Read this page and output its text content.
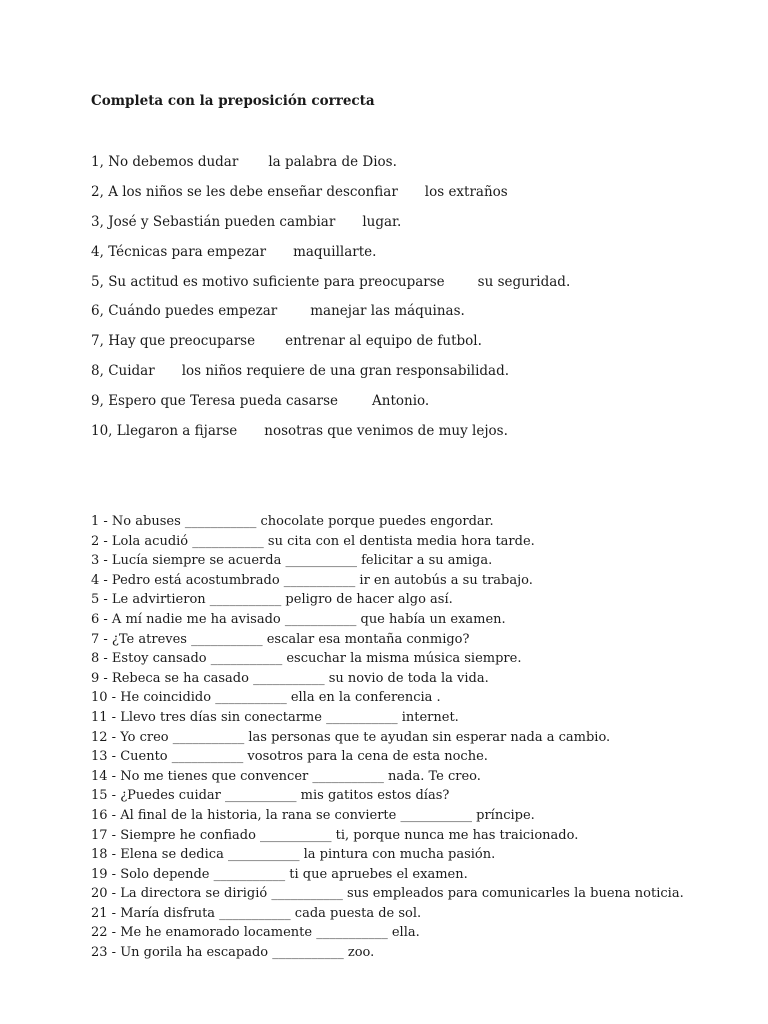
Completa con la preposición correcta
1, No debemos dudar la palabra de Dios.
2, A los niños se les debe enseñar desconfiar los extraños
3, José y Sebastián pueden cambiar lugar.
4, Técnicas para empezar maquillarte.
5, Su actitud es motivo suficiente para preocuparse su seguridad.
6, Cuándo puedes empezar manejar las máquinas.
7, Hay que preocuparse entrenar al equipo de futbol.
8, Cuidar los niños requiere de una gran responsabilidad.
9, Espero que Teresa pueda casarse	Antonio.
10, Llegaron a fijarse nosotras que venimos de muy lejos.
1 - No abuses ___________ chocolate porque puedes engordar.
2 - Lola acudió ___________ su cita con el dentista media hora tarde.
3 - Lucía siempre se acuerda ___________ felicitar a su amiga.
4 - Pedro está acostumbrado ___________ ir en autobús a su trabajo.
5 - Le advirtieron ___________ peligro de hacer algo así.
6 - A mí nadie me ha avisado ___________ que había un examen.
7 - ¿Te atreves ___________ escalar esa montaña conmigo?
8 - Estoy cansado ___________ escuchar la misma música siempre.
9 - Rebeca se ha casado ___________ su novio de toda la vida.
10 - He coincidido ___________ ella en la conferencia .
11 - Llevo tres días sin conectarme ___________ internet.
12 - Yo creo ___________ las personas que te ayudan sin esperar nada a cambio.
13 - Cuento ___________ vosotros para la cena de esta noche.
14 - No me tienes que convencer ___________ nada. Te creo.
15 - ¿Puedes cuidar ___________ mis gatitos estos días?
16 - Al final de la historia, la rana se convierte ___________ príncipe.
17 - Siempre he confiado ___________ ti, porque nunca me has traicionado.
18 - Elena se dedica ___________ la pintura con mucha pasión.
19 - Solo depende ___________ ti que apruebes el examen.
20 - La directora se dirigió ___________ sus empleados para comunicarles la buena noticia.
21 - María disfruta ___________ cada puesta de sol.
22 - Me he enamorado locamente ___________ ella.
23 - Un gorila ha escapado ___________ zoo.
